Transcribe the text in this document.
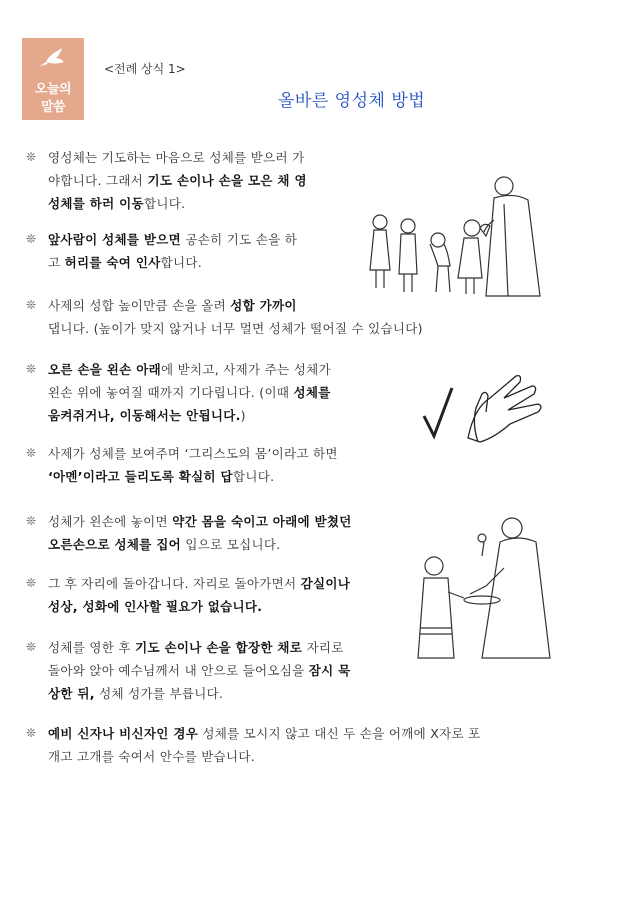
오늘의
말씀
<전례 상식 1>
올바른 영성체 방법
❊ 영성체는 기도하는 마음으로 성체를 받으러 가
야합니다. 그래서 기도 손이나 손을 모은 채 영
성체를 하러 이동합니다.
❊ 앞사람이 성체를 받으면 공손히 기도 손을 하
고 허리를 숙여 인사합니다.
❊ 사제의 성합 높이만큼 손을 올려 성합 가까이
댑니다. (높이가 맞지 않거나 너무 멀면 성체가 떨어질 수 있습니다)
❊ 오른 손을 왼손 아래에 받치고, 사제가 주는 성체가
왼손 위에 놓여질 때까지 기다립니다. (이때 성체를
움켜쥐거나, 이동해서는 안됩니다.)
❊ 사제가 성체를 보여주며 ‘그리스도의 몸’이라고 하면
‘아멘’이라고 들리도록 확실히 답합니다.
❊ 성체가 왼손에 놓이면 약간 몸을 숙이고 아래에 받쳤던
오른손으로 성체를 집어 입으로 모십니다.
❊ 그 후 자리에 돌아갑니다. 자리로 돌아가면서 감실이나
성상, 성화에 인사할 필요가 없습니다.
❊ 성체를 영한 후 기도 손이나 손을 합장한 채로 자리로
돌아와 앉아 예수님께서 내 안으로 들어오심을 잠시 묵
상한 뒤, 성체 성가를 부릅니다.
❊ 예비 신자나 비신자인 경우 성체를 모시지 않고 대신 두 손을 어깨에 X자로 포
개고 고개를 숙여서 안수를 받습니다.
